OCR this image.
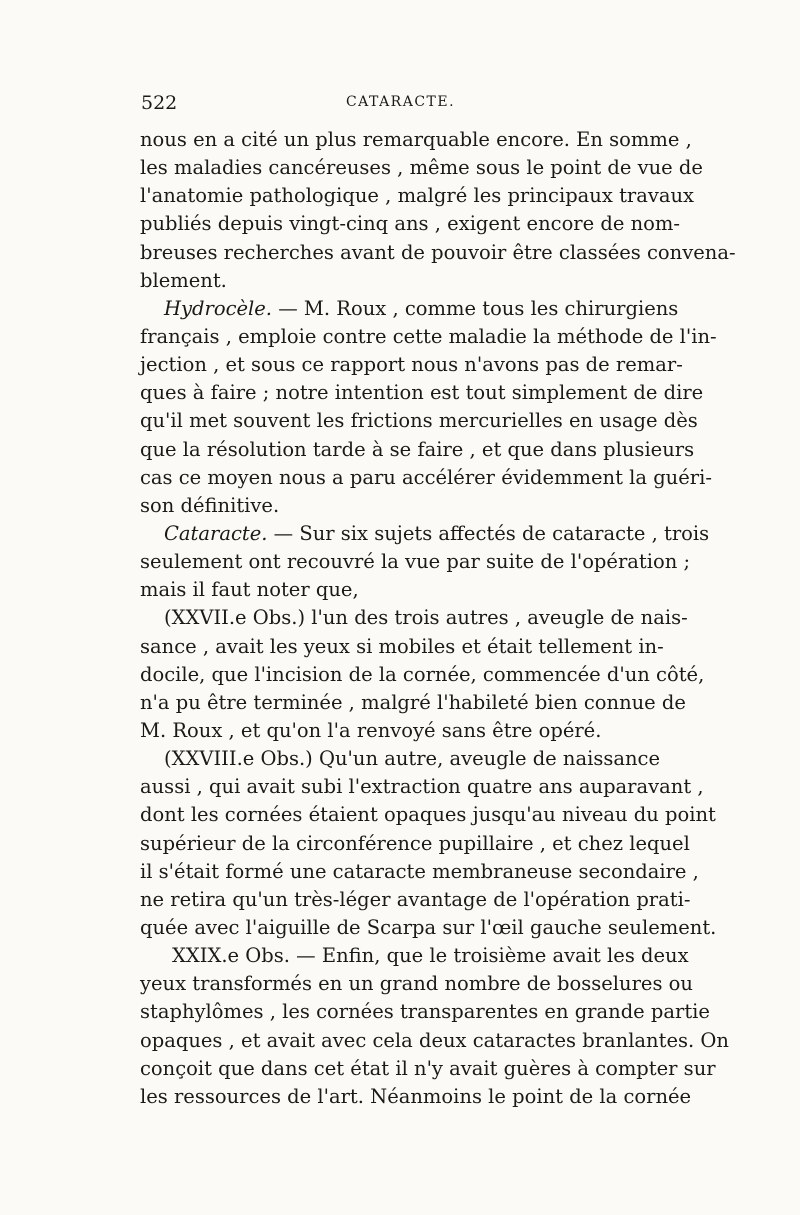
522	CATARACTE.
nous en a cité un plus remarquable encore. En somme ,
les maladies cancéreuses , même sous le point de vue de
l'anatomie pathologique , malgré les principaux travaux
publiés depuis vingt-cinq ans , exigent encore de nom-
breuses recherches avant de pouvoir être classées convena-
blement.
Hydrocèle. — M. Roux , comme tous les chirurgiens
français , emploie contre cette maladie la méthode de l'in-
jection , et sous ce rapport nous n'avons pas de remar-
ques à faire ; notre intention est tout simplement de dire
qu'il met souvent les frictions mercurielles en usage dès
que la résolution tarde à se faire , et que dans plusieurs
cas ce moyen nous a paru accélérer évidemment la guéri-
son définitive.
Cataracte. — Sur six sujets affectés de cataracte , trois
seulement ont recouvré la vue par suite de l'opération ;
mais il faut noter que,
(XXVII.e Obs.) l'un des trois autres , aveugle de nais-
sance , avait les yeux si mobiles et était tellement in-
docile, que l'incision de la cornée, commencée d'un côté,
n'a pu être terminée , malgré l'habileté bien connue de
M. Roux , et qu'on l'a renvoyé sans être opéré.
(XXVIII.e Obs.) Qu'un autre, aveugle de naissance
aussi , qui avait subi l'extraction quatre ans auparavant ,
dont les cornées étaient opaques jusqu'au niveau du point
supérieur de la circonférence pupillaire , et chez lequel
il s'était formé une cataracte membraneuse secondaire ,
ne retira qu'un très-léger avantage de l'opération prati-
quée avec l'aiguille de Scarpa sur l'œil gauche seulement.
XXIX.e Obs. — Enfin, que le troisième avait les deux
yeux transformés en un grand nombre de bosselures ou
staphylômes , les cornées transparentes en grande partie
opaques , et avait avec cela deux cataractes branlantes. On
conçoit que dans cet état il n'y avait guères à compter sur
les ressources de l'art. Néanmoins le point de la cornée
